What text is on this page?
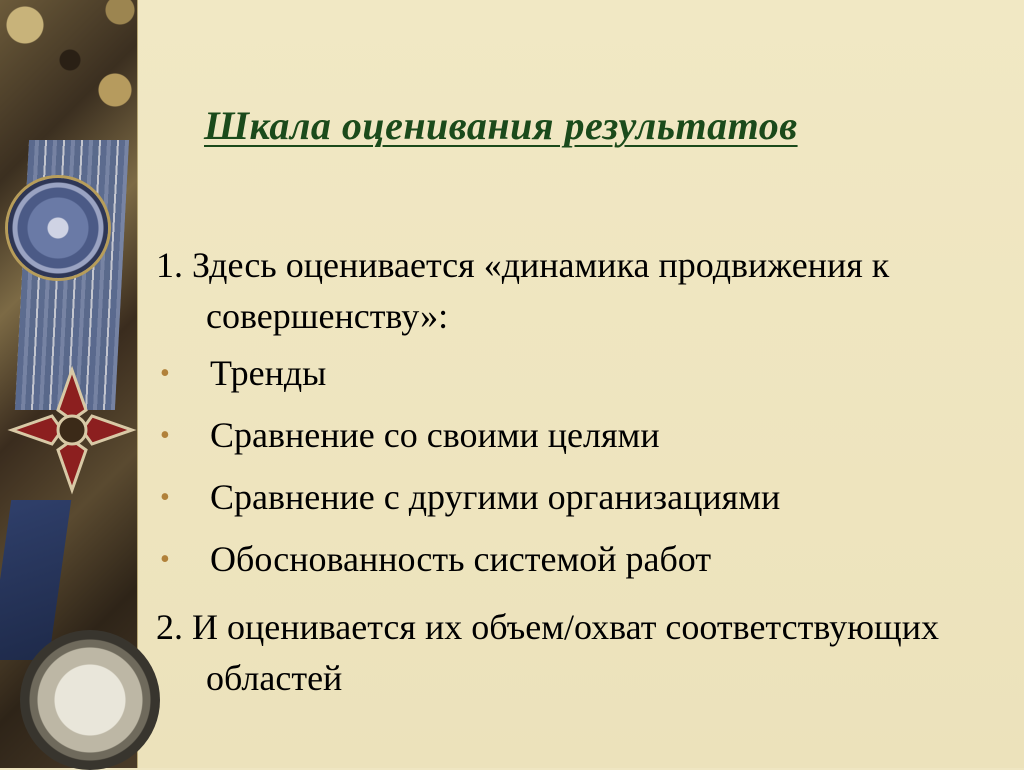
Шкала оценивания результатов
1. Здесь оценивается «динамика продвижения к совершенству»:
• Тренды
• Сравнение со своими целями
• Сравнение с другими организациями
• Обоснованность системой работ
2. И оценивается их объем/охват соответствующих областей
